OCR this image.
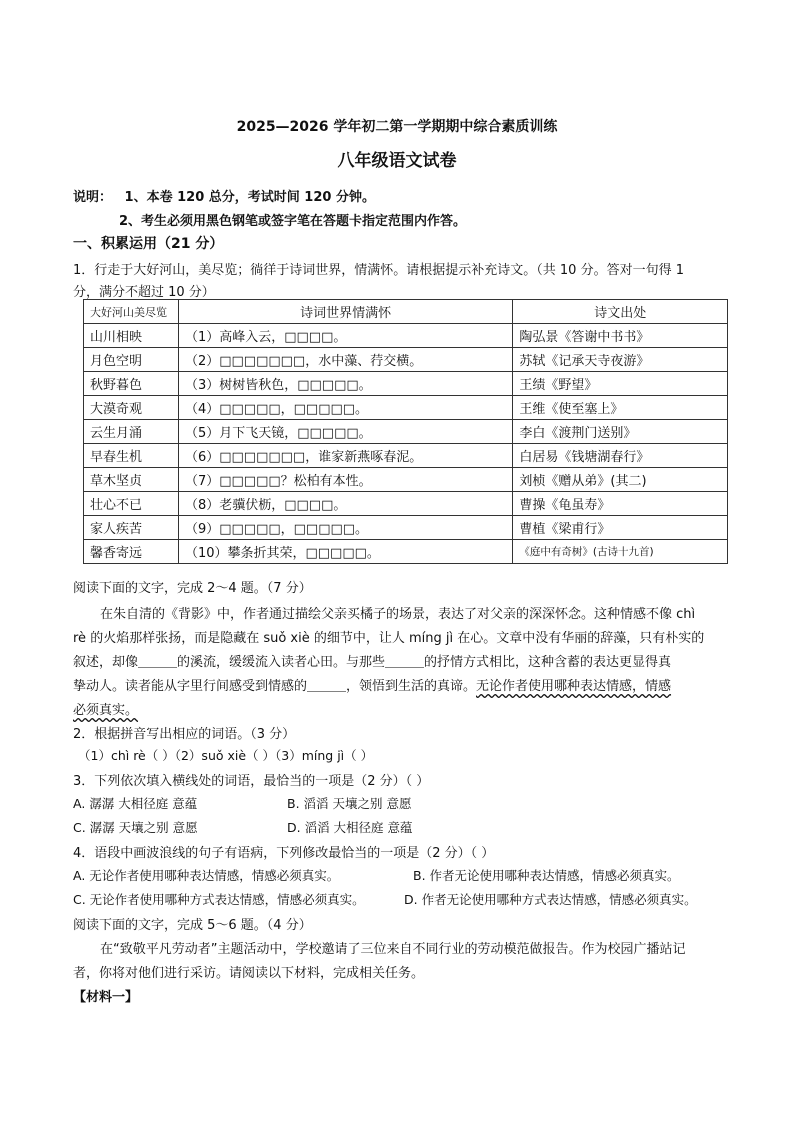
2025—2026 学年初二第一学期期中综合素质训练
八年级语文试卷
说明： 1、本卷 120 总分，考试时间 120 分钟。
2、考生必须用黑色钢笔或签字笔在答题卡指定范围内作答。
一、积累运用（21 分）
1．行走于大好河山，美尽览；徜徉于诗词世界，情满怀。请根据提示补充诗文。（共 10 分。答对一句得 1
分，满分不超过 10 分）
大好河山美尽览	诗词世界情满怀	诗文出处
山川相映	（1）高峰入云，□□□□。	陶弘景《答谢中书书》
月色空明	（2）□□□□□□□，水中藻、荇交横。	苏轼《记承天寺夜游》
秋野暮色	（3）树树皆秋色，□□□□□。	王绩《野望》
大漠奇观	（4）□□□□□，□□□□□。	王维《使至塞上》
云生月涌	（5）月下飞天镜，□□□□□。	李白《渡荆门送别》
早春生机	（6）□□□□□□□，谁家新燕啄春泥。	白居易《钱塘湖春行》
草木坚贞	（7）□□□□□？松柏有本性。	刘桢《赠从弟》(其二)
壮心不已	（8）老骥伏枥，□□□□。	曹操《龟虽寿》
家人疾苦	（9）□□□□□，□□□□□。	曹植《梁甫行》
馨香寄远	（10）攀条折其荣，□□□□□。	《庭中有奇树》(古诗十九首)
阅读下面的文字，完成 2～4 题。（7 分）
在朱自清的《背影》中，作者通过描绘父亲买橘子的场景，表达了对父亲的深深怀念。这种情感不像 chì
rè 的火焰那样张扬，而是隐藏在 suǒ xiè 的细节中，让人 míng jì 在心。文章中没有华丽的辞藻，只有朴实的
叙述，却像＿＿＿的溪流，缓缓流入读者心田。与那些＿＿＿的抒情方式相比，这种含蓄的表达更显得真
挚动人。读者能从字里行间感受到情感的＿＿＿，领悟到生活的真谛。无论作者使用哪种表达情感，情感
必须真实。
2．根据拼音写出相应的词语。（3 分）
（1）chì rè（ ）（2）suǒ xiè（ ）（3）míng jì（ ）
3．下列依次填入横线处的词语，最恰当的一项是（2 分）（ ）
A. 潺潺 大相径庭 意蕴	B. 滔滔 天壤之别 意愿
C. 潺潺 天壤之别 意愿	D. 滔滔 大相径庭 意蕴
4．语段中画波浪线的句子有语病，下列修改最恰当的一项是（2 分）（ ）
A. 无论作者使用哪种表达情感，情感必须真实。	B. 作者无论使用哪种表达情感，情感必须真实。
C. 无论作者使用哪种方式表达情感，情感必须真实。	D. 作者无论使用哪种方式表达情感，情感必须真实。
阅读下面的文字，完成 5～6 题。（4 分）
在“致敬平凡劳动者”主题活动中，学校邀请了三位来自不同行业的劳动模范做报告。作为校园广播站记
者，你将对他们进行采访。请阅读以下材料，完成相关任务。
【材料一】
